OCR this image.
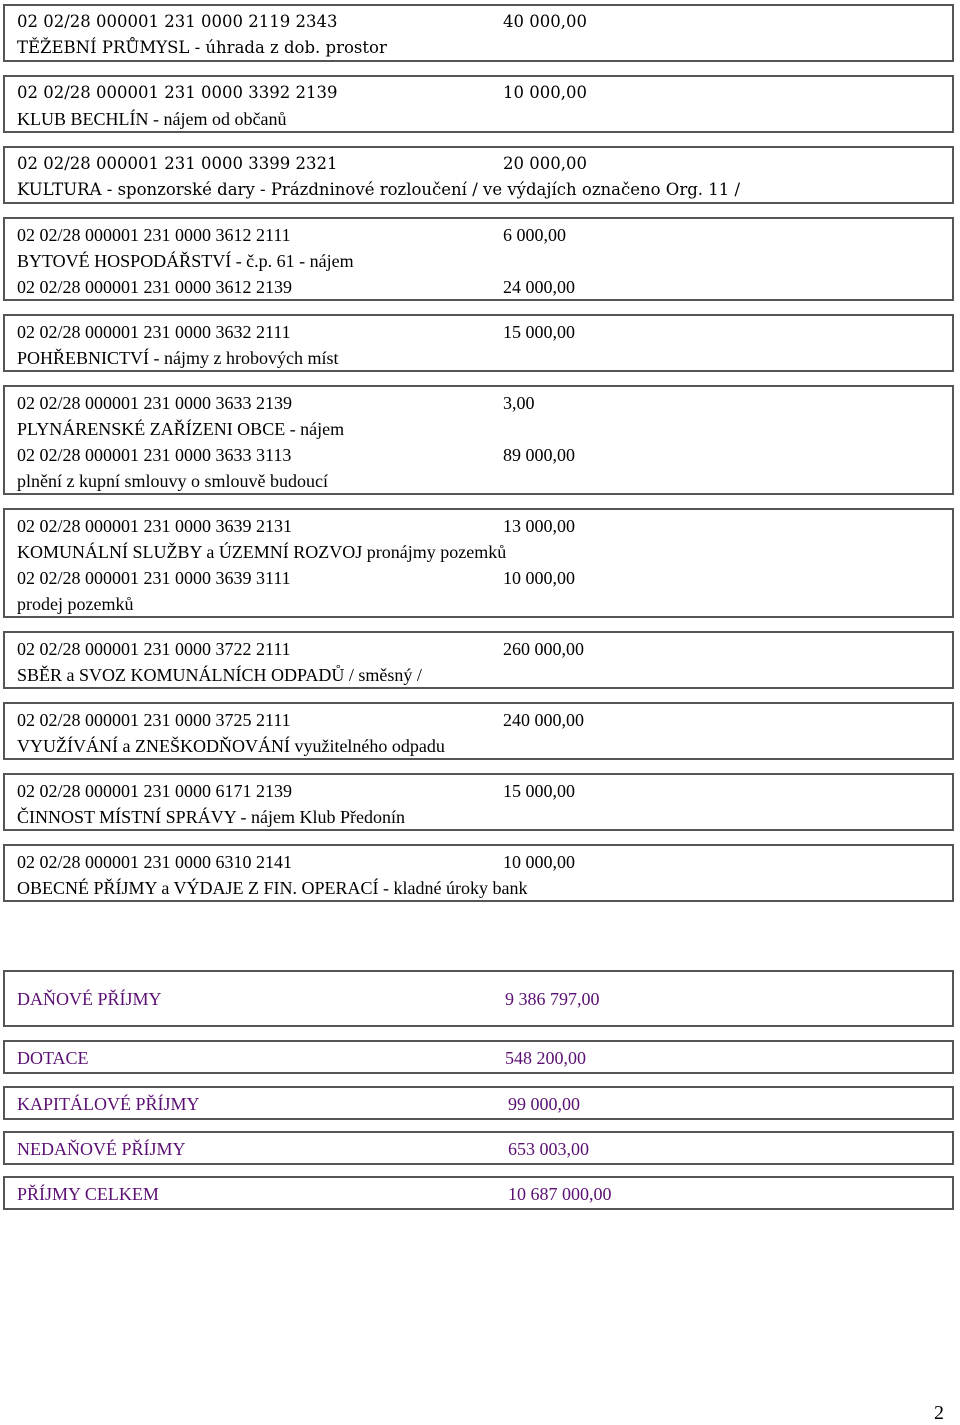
02 02/28 000001 231 0000 2119 2343	40 000,00
TĚŽEBNÍ PRŮMYSL - úhrada z dob. prostor
02 02/28 000001 231 0000 3392 2139	10 000,00
KLUB BECHLÍN - nájem od občanů
02 02/28 000001 231 0000 3399 2321	20 000,00
KULTURA - sponzorské dary - Prázdninové rozloučení / ve výdajích označeno Org. 11 /
02 02/28 000001 231 0000 3612 2111	6 000,00
BYTOVÉ HOSPODÁŘSTVÍ - č.p. 61 - nájem
02 02/28 000001 231 0000 3612 2139	24 000,00
02 02/28 000001 231 0000 3632 2111	15 000,00
POHŘEBNICTVÍ - nájmy z hrobových míst
02 02/28 000001 231 0000 3633 2139	3,00
PLYNÁRENSKÉ ZAŘÍZENI OBCE - nájem
02 02/28 000001 231 0000 3633 3113	89 000,00
plnění z kupní smlouvy o smlouvě budoucí
02 02/28 000001 231 0000 3639 2131	13 000,00
KOMUNÁLNÍ SLUŽBY a ÚZEMNÍ ROZVOJ pronájmy pozemků
02 02/28 000001 231 0000 3639 3111	10 000,00
prodej pozemků
02 02/28 000001 231 0000 3722 2111	260 000,00
SBĚR a SVOZ KOMUNÁLNÍCH ODPADŮ / směsný /
02 02/28 000001 231 0000 3725 2111	240 000,00
VYUŽÍVÁNÍ a ZNEŠKODŇOVÁNÍ využitelného odpadu
02 02/28 000001 231 0000 6171 2139	15 000,00
ČINNOST MÍSTNÍ SPRÁVY - nájem Klub Předonín
02 02/28 000001 231 0000 6310 2141	10 000,00
OBECNÉ PŘÍJMY a VÝDAJE Z FIN. OPERACÍ - kladné úroky bank
DAŇOVÉ PŘÍJMY	9 386 797,00
DOTACE	548 200,00
KAPITÁLOVÉ PŘÍJMY	99 000,00
NEDAŇOVÉ PŘÍJMY	653 003,00
PŘÍJMY CELKEM	10 687 000,00
2
